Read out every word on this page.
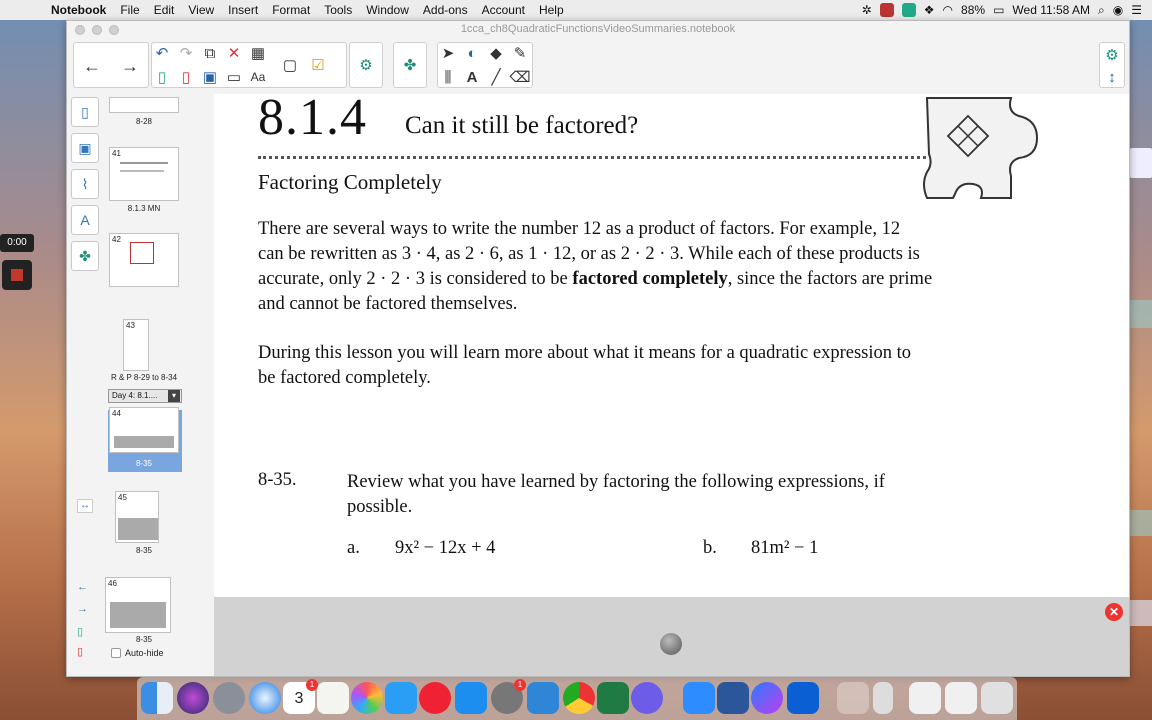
0:00
Notebook	File	Edit	View	Insert	Format	Tools	Window	Add-ons	Account	Help	✲	❖ ◠ 88% ▭ Wed 11:58 AM ⌕ ◉ ☰
1cca_ch8QuadraticFunctionsVideoSummaries.notebook
← →
↶ ↷ ⧉ ✕ ▦
▯	▯ ▣ ▭ Aa
▢ ☑ ⚙ ✤
➤ ◐ ◆ ✎
⫼	A ╱ ⌫
⚙
↕
▯
▣
⌇
A
✤
8-28
41
8.1.3 MN
42
43
R & P 8-29 to 8-34
Day 4: 8.1.... ▾
44
8-35
45
8-35
46
8-35
↔
←
→
▯
▯	Auto-hide
8.1.4 Can it still be factored?
Factoring Completely
There are several ways to write the number 12 as a product of factors. For example, 12
can be rewritten as 3 · 4, as 2 · 6, as 1 · 12, or as 2 · 2 · 3. While each of these products is
accurate, only 2 · 2 · 3 is considered to be factored completely, since the factors are prime
and cannot be factored themselves.
During this lesson you will learn more about what it means for a quadratic expression to
be factored completely.
8-35.	Review what you have learned by factoring the following expressions, if
possible.
a. 9x² − 12x + 4	b. 81m² − 1
✕
3
1	1
